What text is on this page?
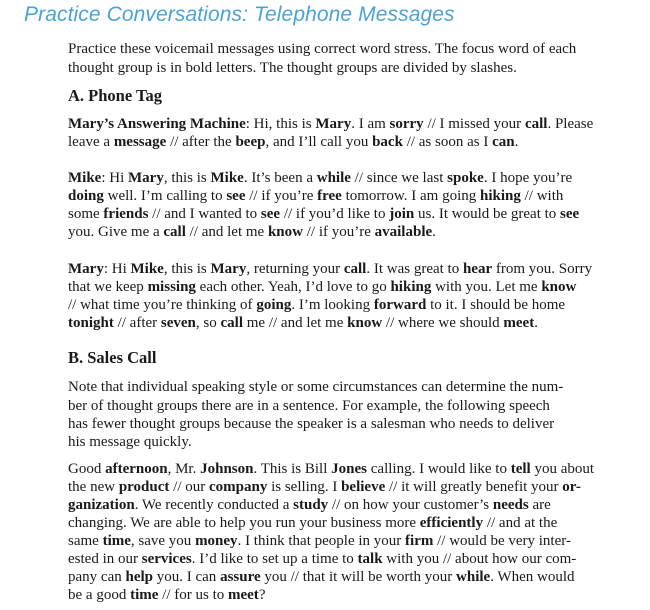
Practice Conversations: Telephone Messages
Practice these voicemail messages using correct word stress. The focus word of each
thought group is in bold letters. The thought groups are divided by slashes.
A. Phone Tag
Mary’s Answering Machine: Hi, this is Mary. I am sorry // I missed your call. Please
leave a message // after the beep, and I’ll call you back // as soon as I can.
Mike: Hi Mary, this is Mike. It’s been a while // since we last spoke. I hope you’re
doing well. I’m calling to see // if you’re free tomorrow. I am going hiking // with
some friends // and I wanted to see // if you’d like to join us. It would be great to see
you. Give me a call // and let me know // if you’re available.
Mary: Hi Mike, this is Mary, returning your call. It was great to hear from you. Sorry
that we keep missing each other. Yeah, I’d love to go hiking with you. Let me know
// what time you’re thinking of going. I’m looking forward to it. I should be home
tonight // after seven, so call me // and let me know // where we should meet.
B. Sales Call
Note that individual speaking style or some circumstances can determine the num-
ber of thought groups there are in a sentence. For example, the following speech
has fewer thought groups because the speaker is a salesman who needs to deliver
his message quickly.
Good afternoon, Mr. Johnson. This is Bill Jones calling. I would like to tell you about
the new product // our company is selling. I believe // it will greatly benefit your or-
ganization. We recently conducted a study // on how your customer’s needs are
changing. We are able to help you run your business more efficiently // and at the
same time, save you money. I think that people in your firm // would be very inter-
ested in our services. I’d like to set up a time to talk with you // about how our com-
pany can help you. I can assure you // that it will be worth your while. When would
be a good time // for us to meet?
